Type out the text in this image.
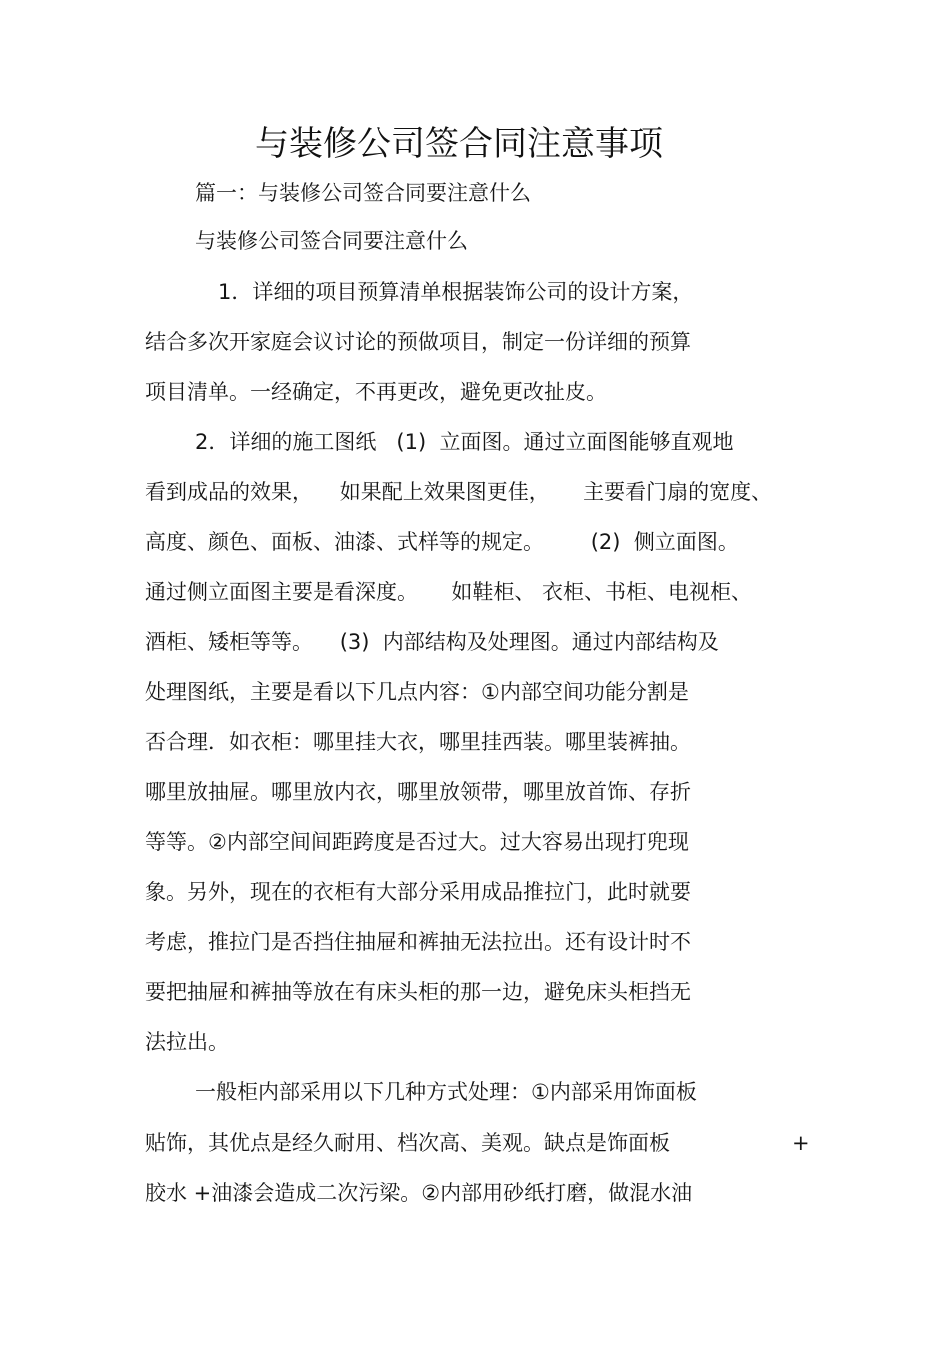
与装修公司签合同注意事项
篇一：与装修公司签合同要注意什么
与装修公司签合同要注意什么
1．详细的项目预算清单根据装饰公司的设计方案，
结合多次开家庭会议讨论的预做项目，制定一份详细的预算
项目清单。一经确定，不再更改，避免更改扯皮。
2．详细的施工图纸   (1)  立面图。通过立面图能够直观地
看到成品的效果，    如果配上效果图更佳，     主要看门扇的宽度、
高度、颜色、面板、油漆、式样等的规定。       (2)  侧立面图。
通过侧立面图主要是看深度。     如鞋柜、 衣柜、书柜、电视柜、
酒柜、矮柜等等。    (3)  内部结构及处理图。通过内部结构及
处理图纸，主要是看以下几点内容：①内部空间功能分割是
否合理．如衣柜：哪里挂大衣，哪里挂西装。哪里装裤抽。
哪里放抽屉。哪里放内衣，哪里放领带，哪里放首饰、存折
等等。②内部空间间距跨度是否过大。过大容易出现打兜现
象。另外，现在的衣柜有大部分采用成品推拉门，此时就要
考虑，推拉门是否挡住抽屉和裤抽无法拉出。还有设计时不
要把抽屉和裤抽等放在有床头柜的那一边，避免床头柜挡无
法拉出。
一般柜内部采用以下几种方式处理：①内部采用饰面板
贴饰，其优点是经久耐用、档次高、美观。缺点是饰面板
胶水 +油漆会造成二次污梁。②内部用砂纸打磨，做混水油
+
